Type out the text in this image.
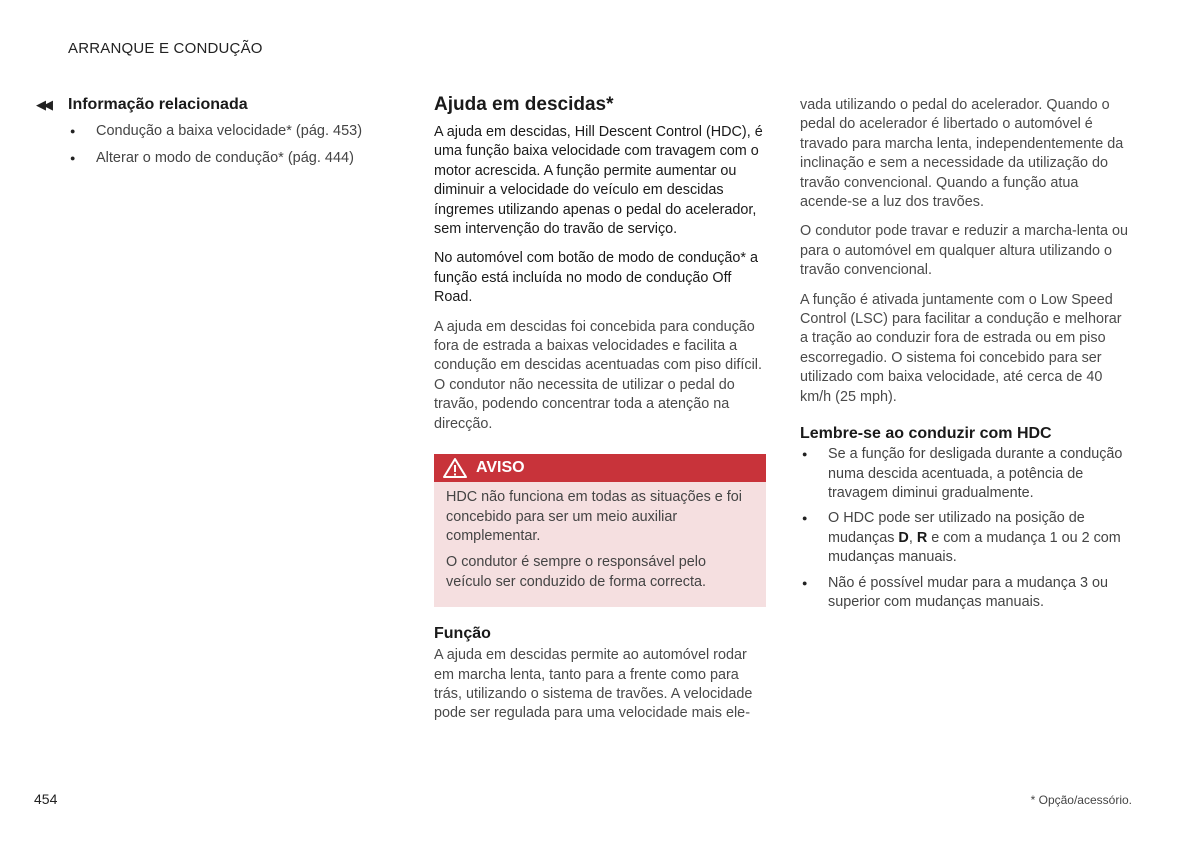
ARRANQUE E CONDUÇÃO
◀◀	Informação relacionada
● Condução a baixa velocidade* (pág. 453)
● Alterar o modo de condução* (pág. 444)
Ajuda em descidas*

A ajuda em descidas, Hill Descent Control (HDC), é uma função baixa velocidade com travagem com o motor acrescida. A função permite aumentar ou diminuir a velocidade do veículo em descidas íngremes utilizando apenas o pedal do acelerador, sem intervenção do travão de serviço.

No automóvel com botão de modo de condução* a função está incluída no modo de condução Off Road.

A ajuda em descidas foi concebida para condução fora de estrada a baixas velocidades e facilita a condução em descidas acentuadas com piso difícil. O condutor não necessita de utilizar o pedal do travão, podendo concentrar toda a atenção na direcção.

AVISO

HDC não funciona em todas as situações e foi concebido para ser um meio auxiliar complementar.

O condutor é sempre o responsável pelo veículo ser conduzido de forma correcta.

Função

A ajuda em descidas permite ao automóvel rodar em marcha lenta, tanto para a frente como para trás, utilizando o sistema de travões. A velocidade pode ser regulada para uma velocidade mais ele-

vada utilizando o pedal do acelerador. Quando o pedal do acelerador é libertado o automóvel é travado para marcha lenta, independentemente da inclinação e sem a necessidade da utilização do travão convencional. Quando a função atua acende-se a luz dos travões.

O condutor pode travar e reduzir a marcha-lenta ou para o automóvel em qualquer altura utilizando o travão convencional.

A função é ativada juntamente com o Low Speed Control (LSC) para facilitar a condução e melhorar a tração ao conduzir fora de estrada ou em piso escorregadio. O sistema foi concebido para ser utilizado com baixa velocidade, até cerca de 40 km/h (25 mph).

Lembre-se ao conduzir com HDC
● Se a função for desligada durante a condução numa descida acentuada, a potência de travagem diminui gradualmente.
● O HDC pode ser utilizado na posição de mudanças D, R e com a mudança 1 ou 2 com mudanças manuais.
● Não é possível mudar para a mudança 3 ou superior com mudanças manuais.
454	* Opção/acessório.
